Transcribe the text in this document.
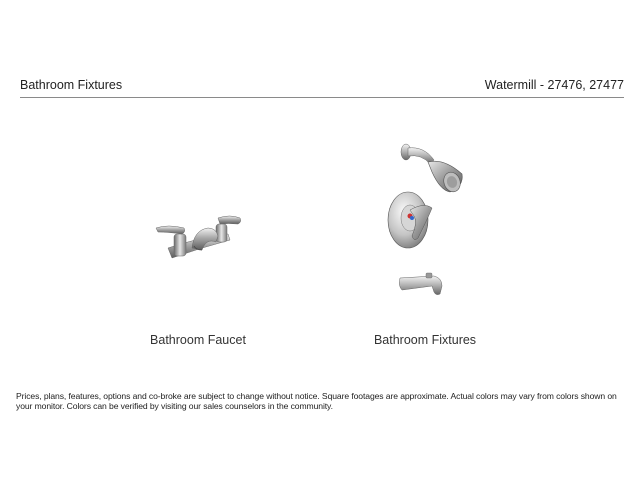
Bathroom Fixtures	Watermill - 27476, 27477
Bathroom Faucet	Bathroom Fixtures
Prices, plans, features, options and co-broke are subject to change without notice. Square footages are approximate. Actual colors may vary from colors shown on your monitor. Colors can be verified by visiting our sales counselors in the community.
